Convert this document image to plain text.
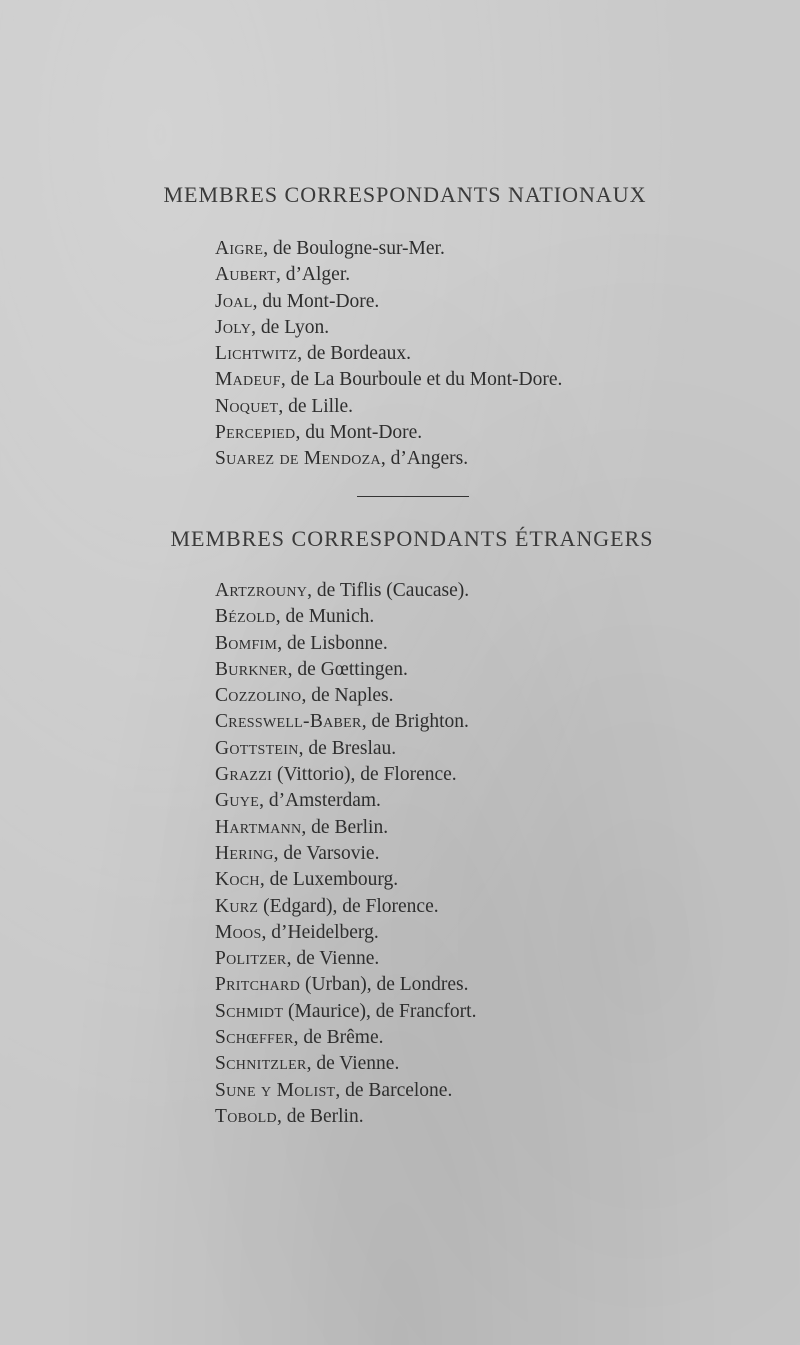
MEMBRES CORRESPONDANTS NATIONAUX
Aigre, de Boulogne-sur-Mer.
Aubert, d’Alger.
Joal, du Mont-Dore.
Joly, de Lyon.
Lichtwitz, de Bordeaux.
Madeuf, de La Bourboule et du Mont-Dore.
Noquet, de Lille.
Percepied, du Mont-Dore.
Suarez de Mendoza, d’Angers.
MEMBRES CORRESPONDANTS ÉTRANGERS
Artzrouny, de Tiflis (Caucase).
Bézold, de Munich.
Bomfim, de Lisbonne.
Burkner, de Gœttingen.
Cozzolino, de Naples.
Cresswell-Baber, de Brighton.
Gottstein, de Breslau.
Grazzi (Vittorio), de Florence.
Guye, d’Amsterdam.
Hartmann, de Berlin.
Hering, de Varsovie.
Koch, de Luxembourg.
Kurz (Edgard), de Florence.
Moos, d’Heidelberg.
Politzer, de Vienne.
Pritchard (Urban), de Londres.
Schmidt (Maurice), de Francfort.
Schœffer, de Brême.
Schnitzler, de Vienne.
Sune y Molist, de Barcelone.
Tobold, de Berlin.
